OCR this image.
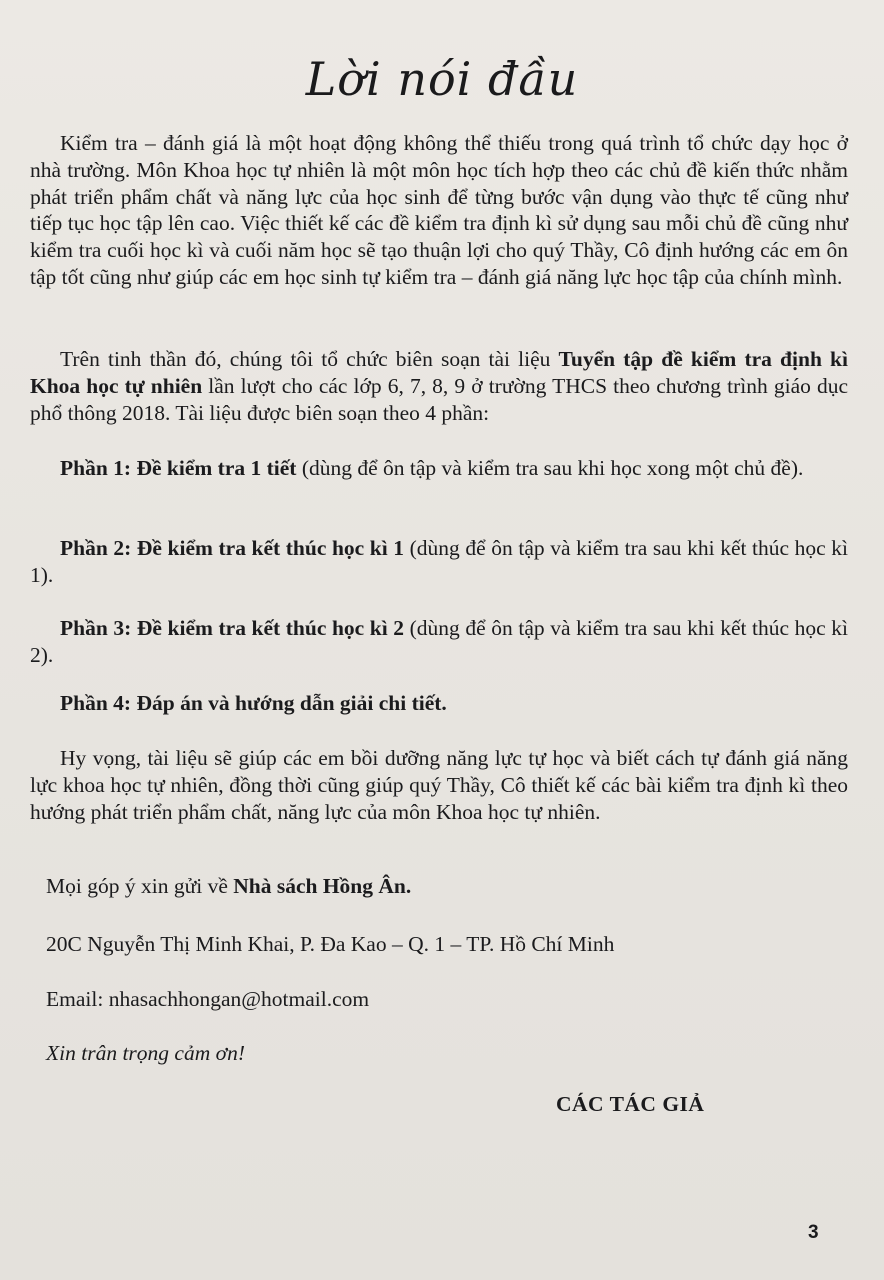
Lời nói đầu

Kiểm tra – đánh giá là một hoạt động không thể thiếu trong quá trình tổ chức dạy học ở nhà trường. Môn Khoa học tự nhiên là một môn học tích hợp theo các chủ đề kiến thức nhằm phát triển phẩm chất và năng lực của học sinh để từng bước vận dụng vào thực tế cũng như tiếp tục học tập lên cao. Việc thiết kế các đề kiểm tra định kì sử dụng sau mỗi chủ đề cũng như kiểm tra cuối học kì và cuối năm học sẽ tạo thuận lợi cho quý Thầy, Cô định hướng các em ôn tập tốt cũng như giúp các em học sinh tự kiểm tra – đánh giá năng lực học tập của chính mình.

Trên tinh thần đó, chúng tôi tổ chức biên soạn tài liệu Tuyển tập đề kiểm tra định kì Khoa học tự nhiên lần lượt cho các lớp 6, 7, 8, 9 ở trường THCS theo chương trình giáo dục phổ thông 2018. Tài liệu được biên soạn theo 4 phần:

Phần 1: Đề kiểm tra 1 tiết (dùng để ôn tập và kiểm tra sau khi học xong một chủ đề).

Phần 2: Đề kiểm tra kết thúc học kì 1 (dùng để ôn tập và kiểm tra sau khi kết thúc học kì 1).

Phần 3: Đề kiểm tra kết thúc học kì 2 (dùng để ôn tập và kiểm tra sau khi kết thúc học kì 2).

Phần 4: Đáp án và hướng dẫn giải chi tiết.

Hy vọng, tài liệu sẽ giúp các em bồi dưỡng năng lực tự học và biết cách tự đánh giá năng lực khoa học tự nhiên, đồng thời cũng giúp quý Thầy, Cô thiết kế các bài kiểm tra định kì theo hướng phát triển phẩm chất, năng lực của môn Khoa học tự nhiên.

Mọi góp ý xin gửi về Nhà sách Hồng Ân.
20C Nguyễn Thị Minh Khai, P. Đa Kao – Q. 1 – TP. Hồ Chí Minh
Email: nhasachhongan@hotmail.com
Xin trân trọng cảm ơn!
CÁC TÁC GIẢ
3
